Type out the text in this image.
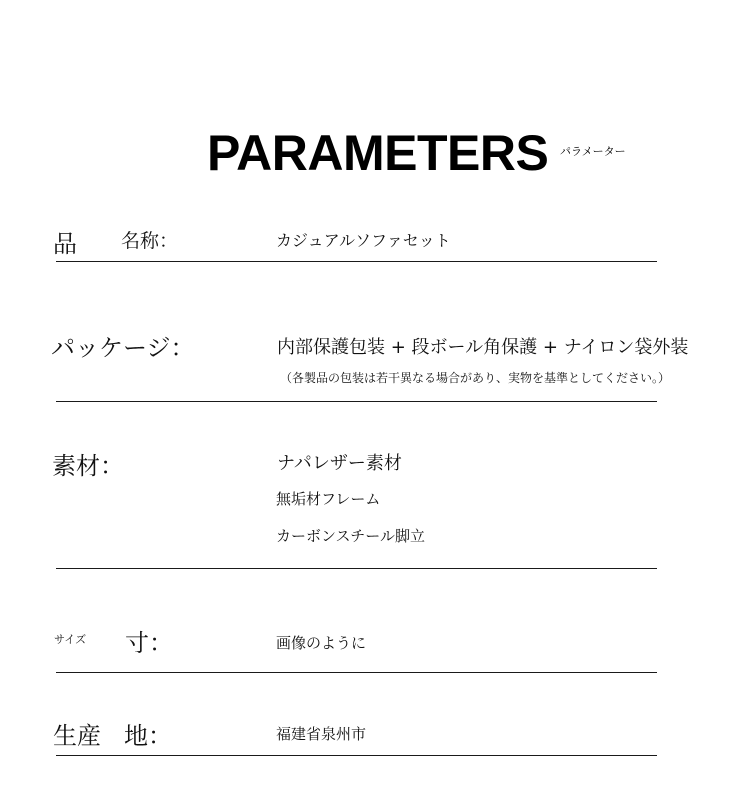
PARAMETERS パラメーター
品 名称：	カジュアルソファセット
パッケージ：	内部保護包装 + 段ボール角保護 + ナイロン袋外装
（各製品の包装は若干異なる場合があり、実物を基準としてください。）
素材：	ナパレザー素材
無垢材フレーム
カーボンスチール脚立
サイズ 寸：	画像のように
生産 地：	福建省泉州市
